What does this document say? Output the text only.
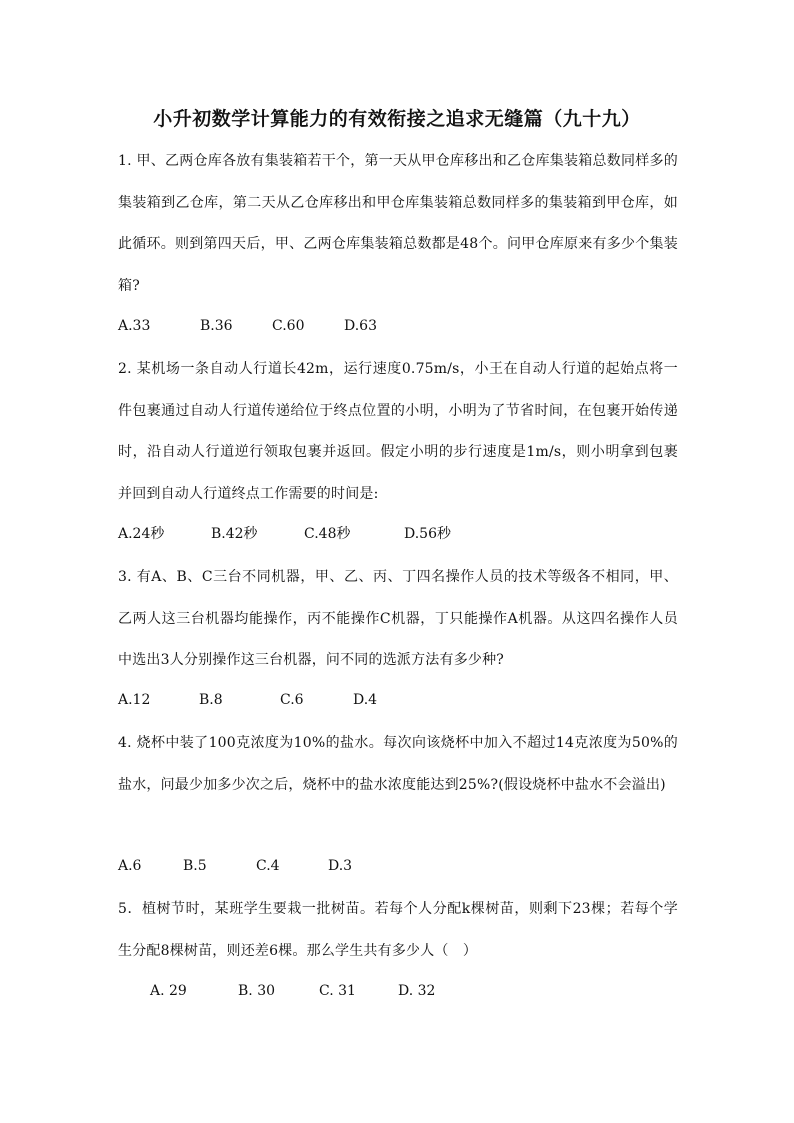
小升初数学计算能力的有效衔接之追求无缝篇（九十九）
1. 甲、乙两仓库各放有集装箱若干个，第一天从甲仓库移出和乙仓库集装箱总数同样多的集装箱到乙仓库，第二天从乙仓库移出和甲仓库集装箱总数同样多的集装箱到甲仓库，如此循环。则到第四天后，甲、乙两仓库集装箱总数都是48个。问甲仓库原来有多少个集装箱?
A.33	B.36	C.60	D.63
2. 某机场一条自动人行道长42m，运行速度0.75m/s，小王在自动人行道的起始点将一件包裹通过自动人行道传递给位于终点位置的小明，小明为了节省时间，在包裹开始传递时，沿自动人行道逆行领取包裹并返回。假定小明的步行速度是1m/s，则小明拿到包裹并回到自动人行道终点工作需要的时间是:
A.24秒	B.42秒	C.48秒	D.56秒
3. 有A、B、C三台不同机器，甲、乙、丙、丁四名操作人员的技术等级各不相同，甲、乙两人这三台机器均能操作，丙不能操作C机器，丁只能操作A机器。从这四名操作人员中选出3人分别操作这三台机器，问不同的选派方法有多少种?
A.12	B.8	C.6	D.4
4. 烧杯中装了100克浓度为10%的盐水。每次向该烧杯中加入不超过14克浓度为50%的盐水，问最少加多少次之后，烧杯中的盐水浓度能达到25%?(假设烧杯中盐水不会溢出)
A.6	B.5	C.4	D.3
5．植树节时，某班学生要栽一批树苗。若每个人分配k棵树苗，则剩下23棵；若每个学生分配8棵树苗，则还差6棵。那么学生共有多少人（　）
A. 29	B. 30	C. 31	D. 32
